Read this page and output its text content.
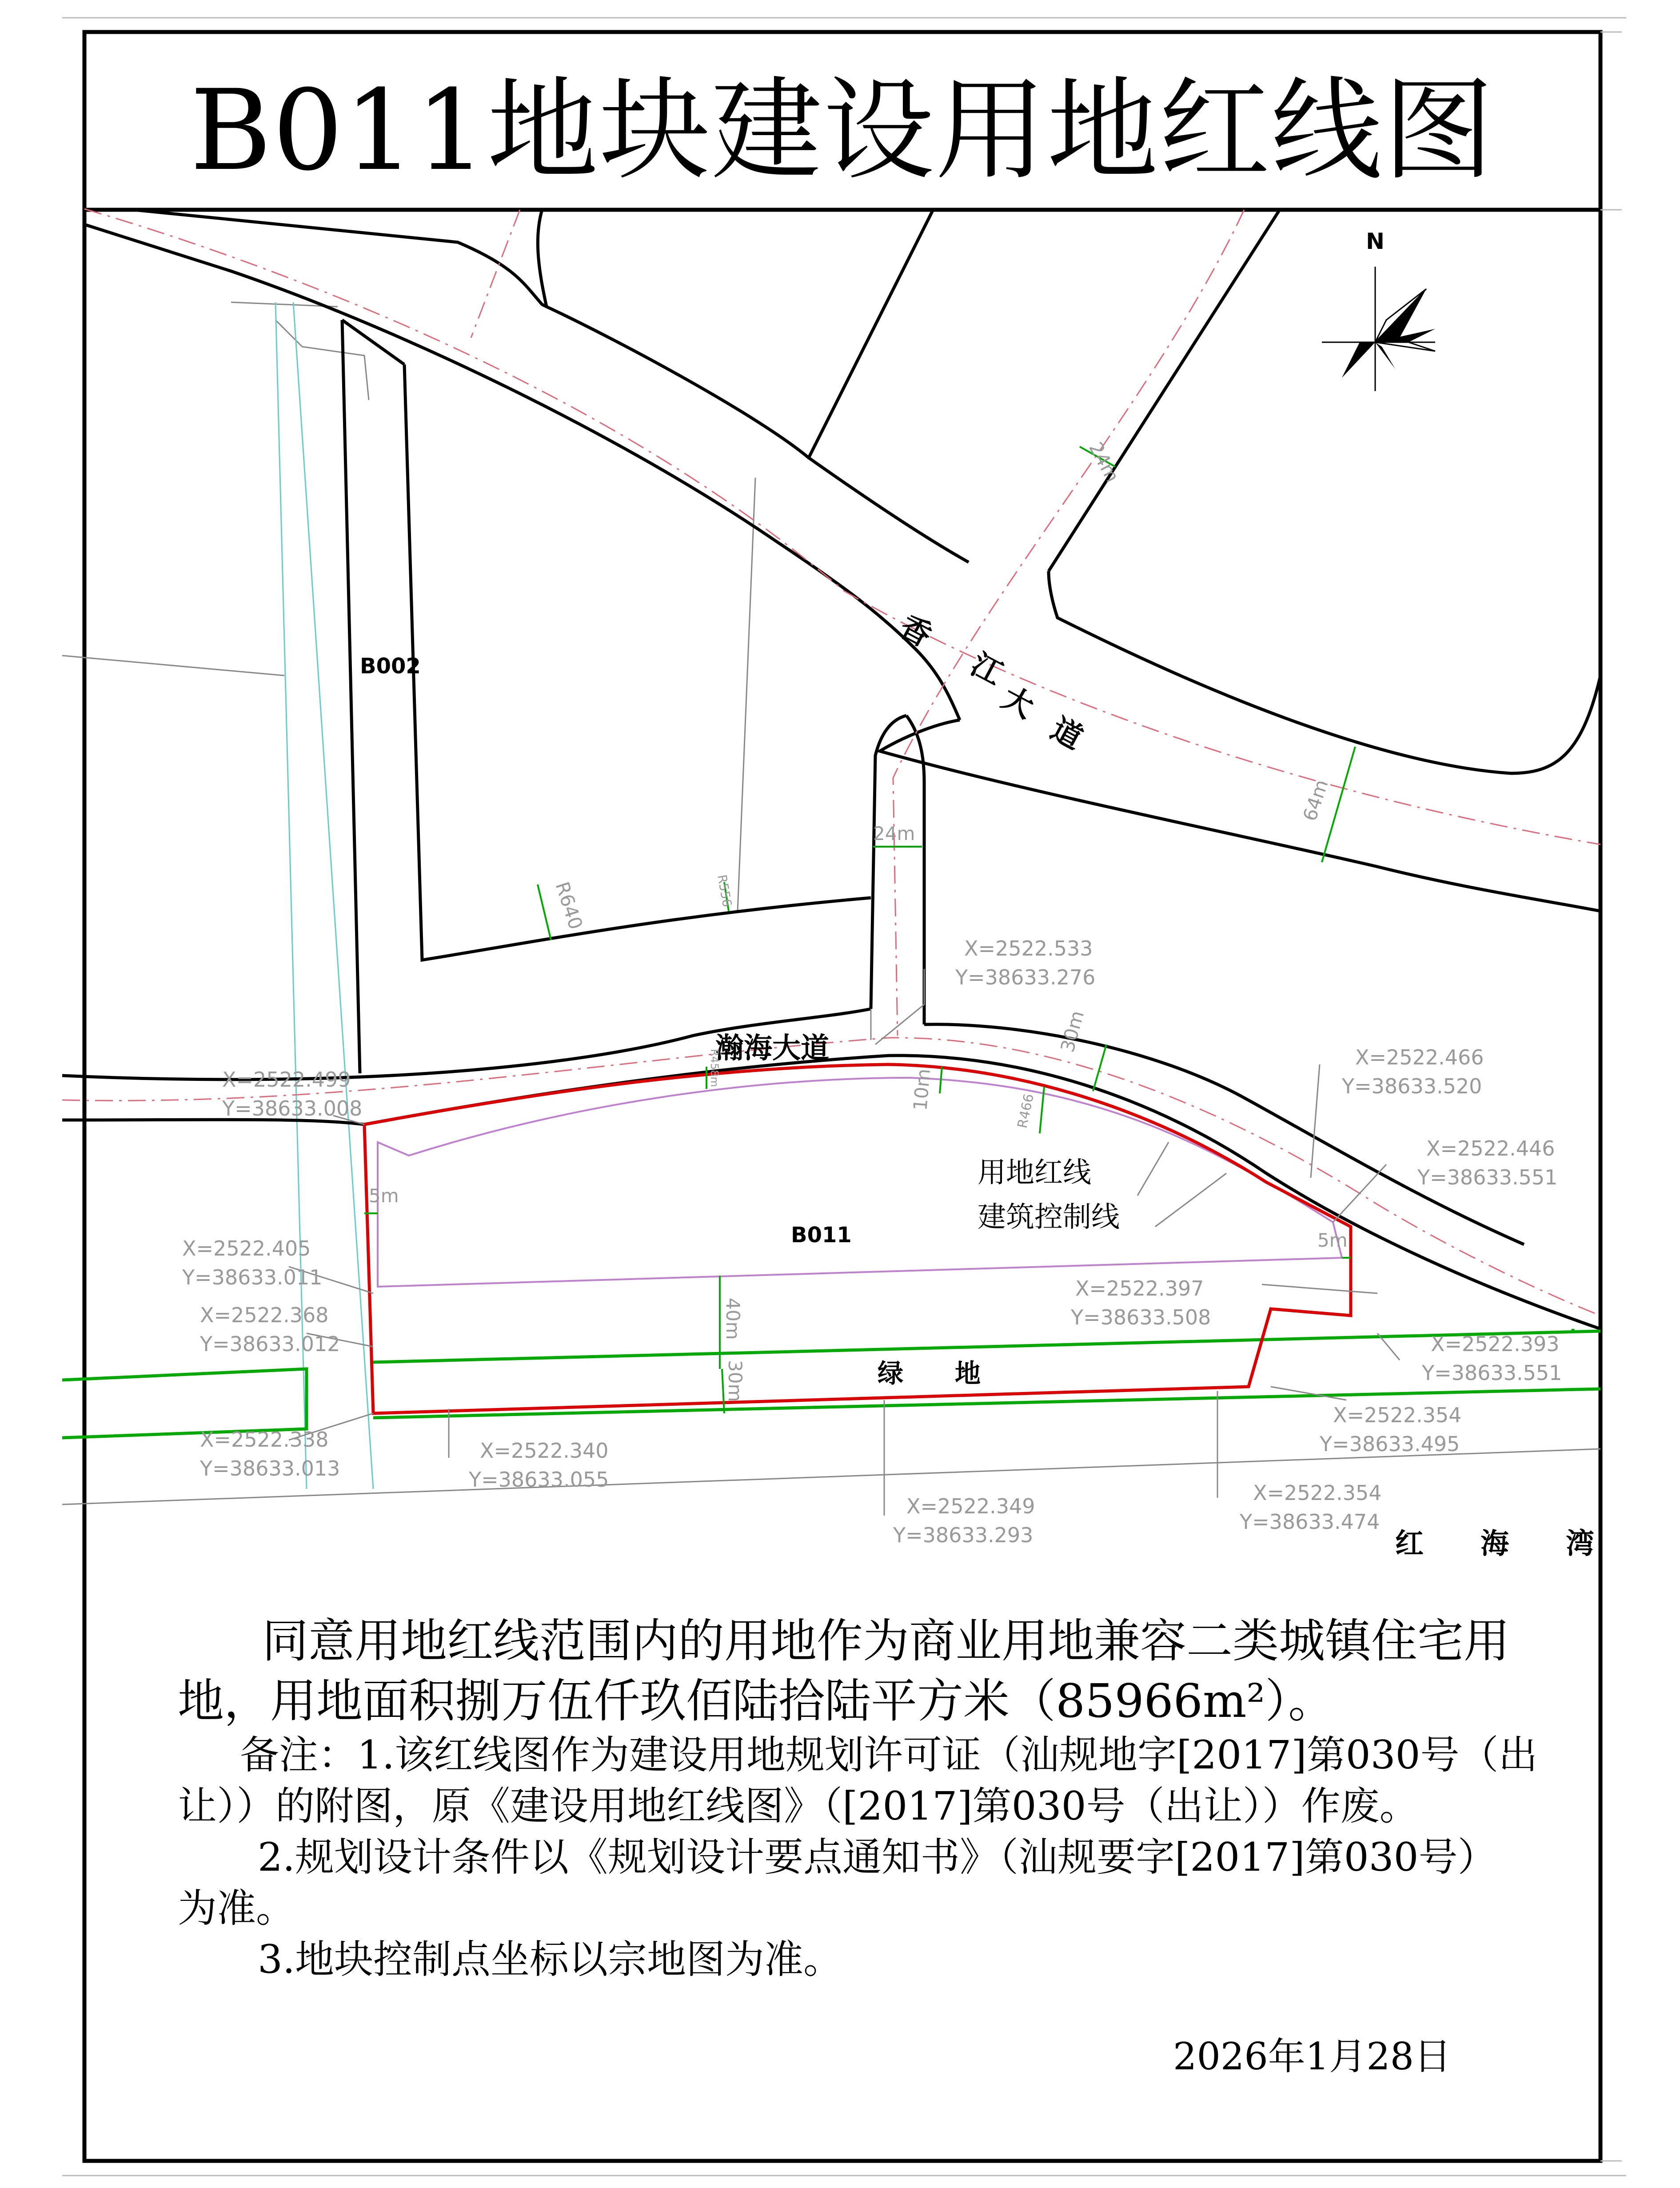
N
B002
B011
香
江
大
道
瀚海大道
用地红线
建筑控制线
绿　　地
红　　海　　湾
24m
64m
24m
R640	R556
30m
10m	R466
5m
5m
40m
30m
R458m
X=2522.533
Y=38633.276
X=2522.499
Y=38633.008
X=2522.466
Y=38633.520
X=2522.446
Y=38633.551
X=2522.405
Y=38633.011	X=2522.397
Y=38633.508
X=2522.368
Y=38633.012	X=2522.393
Y=38633.551
X=2522.338
Y=38633.013
X=2522.340
Y=38633.055
X=2522.354
Y=38633.495
X=2522.349
Y=38633.293
X=2522.354
Y=38633.474
B011地块建设用地红线图
同意用地红线范围内的用地作为商业用地兼容二类城镇住宅用
地，用地面积捌万伍仟玖佰陆拾陆平方米（85966m²）。
备注：1.该红线图作为建设用地规划许可证（汕规地字[2017]第030号（出
让））的附图，原《建设用地红线图》（[2017]第030号（出让））作废。
2.规划设计条件以《规划设计要点通知书》（汕规要字[2017]第030号）
为准。
3.地块控制点坐标以宗地图为准。
2026年1月28日
